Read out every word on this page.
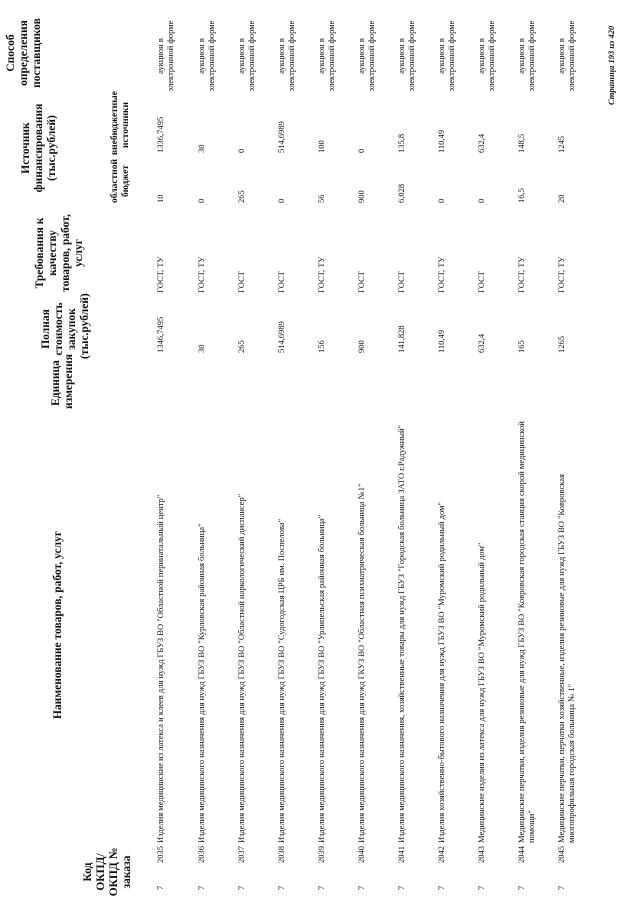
Код ОКПД/ ОКПД № заказа
Наименование товаров, работ, услуг
Единица измерения
Полная стоимость закупок (тыс.рублей)
Требования к качеству товаров, работ, услуг
Источник финансирования (тыс.рублей)
областной бюджет
внебюджетные источники
Способ определения поставщиков
7
2035
Изделия медицинские из латекса и клеев для нужд ГБУЗ ВО "Областной перинатальный центр"
1346,7495
ГОСТ, ТУ
10
1336,7495
аукцион в электронной форме
7
2036
Изделия медицинского назначения для нужд ГБУЗ ВО "Курловская районная больница"
30
ГОСТ, ТУ
0
30
аукцион в электронной форме
7
2037
Изделия медицинского назначения для нужд ГБУЗ ВО "Областной наркологический диспансер"
265
ГОСТ
265
0
аукцион в электронной форме
7
2038
Изделия медицинского назначения для нужд ГБУЗ ВО "Судогодская ЦРБ им. Поспелова"
514,6989
ГОСТ
0
514,6989
аукцион в электронной форме
7
2039
Изделия медицинского назначения для нужд ГБУЗ ВО "Урлипельская районная больница"
156
ГОСТ, ТУ
56
100
аукцион в электронной форме
7
2040
Изделия медицинского назначения для нужд ГКУЗ ВО "Областная психиатрическая больница №1"
900
ГОСТ
900
0
аукцион в электронной форме
7
2041
Изделия медицинского назначения, хозяйственные товары для нужд ГБУЗ "Городская больница ЗАТО г.Радужный"
141,828
ГОСТ
6,028
135,8
аукцион в электронной форме
7
2042
Изделия хозяйственно-бытового назначения для нужд ГБУЗ ВО "Муромский родильный дом"
110,49
ГОСТ, ТУ
0
110,49
аукцион в электронной форме
7
2043
Медицинские изделия из латекса для нужд ГБУЗ ВО "Муромский родильный дом"
632,4
ГОСТ
0
632,4
аукцион в электронной форме
7
2044
Медицинские перчатки, изделия резиновые для нужд ГБУЗ ВО "Ковровская городская станция скорой медицинской помощи"
165
ГОСТ, ТУ
16,5
148,5
аукцион в электронной форме
7
2045
Медицинские перчатки, перчатки хозяйственные, изделия резиновые для нужд ГБУЗ ВО "Ковровская многопрофильная городская больница № 1"
1265
ГОСТ, ТУ
20
1245
аукцион в электронной форме	Страница 193 из 420
